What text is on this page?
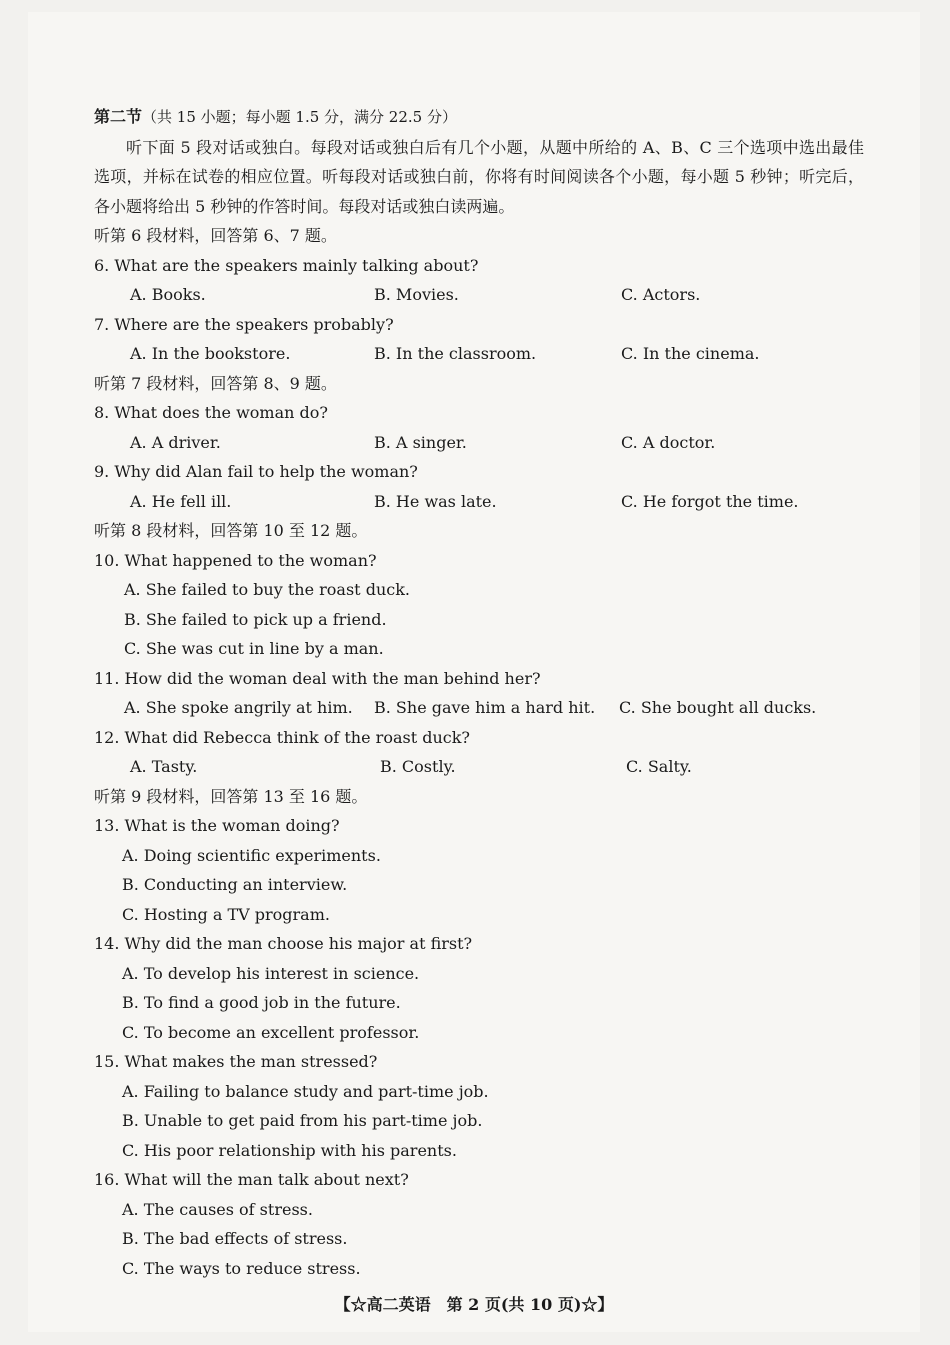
第二节（共 15 小题；每小题 1.5 分，满分 22.5 分）
听下面 5 段对话或独白。每段对话或独白后有几个小题，从题中所给的 A、B、C 三个选项中选出最佳选项，并标在试卷的相应位置。听每段对话或独白前，你将有时间阅读各个小题，每小题 5 秒钟；听完后，各小题将给出 5 秒钟的作答时间。每段对话或独白读两遍。
听第 6 段材料，回答第 6、7 题。
6. What are the speakers mainly talking about?
A. Books.	B. Movies.	C. Actors.
7. Where are the speakers probably?
A. In the bookstore.	B. In the classroom.	C. In the cinema.
听第 7 段材料，回答第 8、9 题。
8. What does the woman do?
A. A driver.	B. A singer.	C. A doctor.
9. Why did Alan fail to help the woman?
A. He fell ill.	B. He was late.	C. He forgot the time.
听第 8 段材料，回答第 10 至 12 题。
10. What happened to the woman?
A. She failed to buy the roast duck.
B. She failed to pick up a friend.
C. She was cut in line by a man.
11. How did the woman deal with the man behind her?
A. She spoke angrily at him.	B. She gave him a hard hit.	C. She bought all ducks.
12. What did Rebecca think of the roast duck?
A. Tasty.	B. Costly.	C. Salty.
听第 9 段材料，回答第 13 至 16 题。
13. What is the woman doing?
A. Doing scientific experiments.
B. Conducting an interview.
C. Hosting a TV program.
14. Why did the man choose his major at first?
A. To develop his interest in science.
B. To find a good job in the future.
C. To become an excellent professor.
15. What makes the man stressed?
A. Failing to balance study and part-time job.
B. Unable to get paid from his part-time job.
C. His poor relationship with his parents.
16. What will the man talk about next?
A. The causes of stress.
B. The bad effects of stress.
C. The ways to reduce stress.
【☆高二英语　第 2 页(共 10 页)☆】
